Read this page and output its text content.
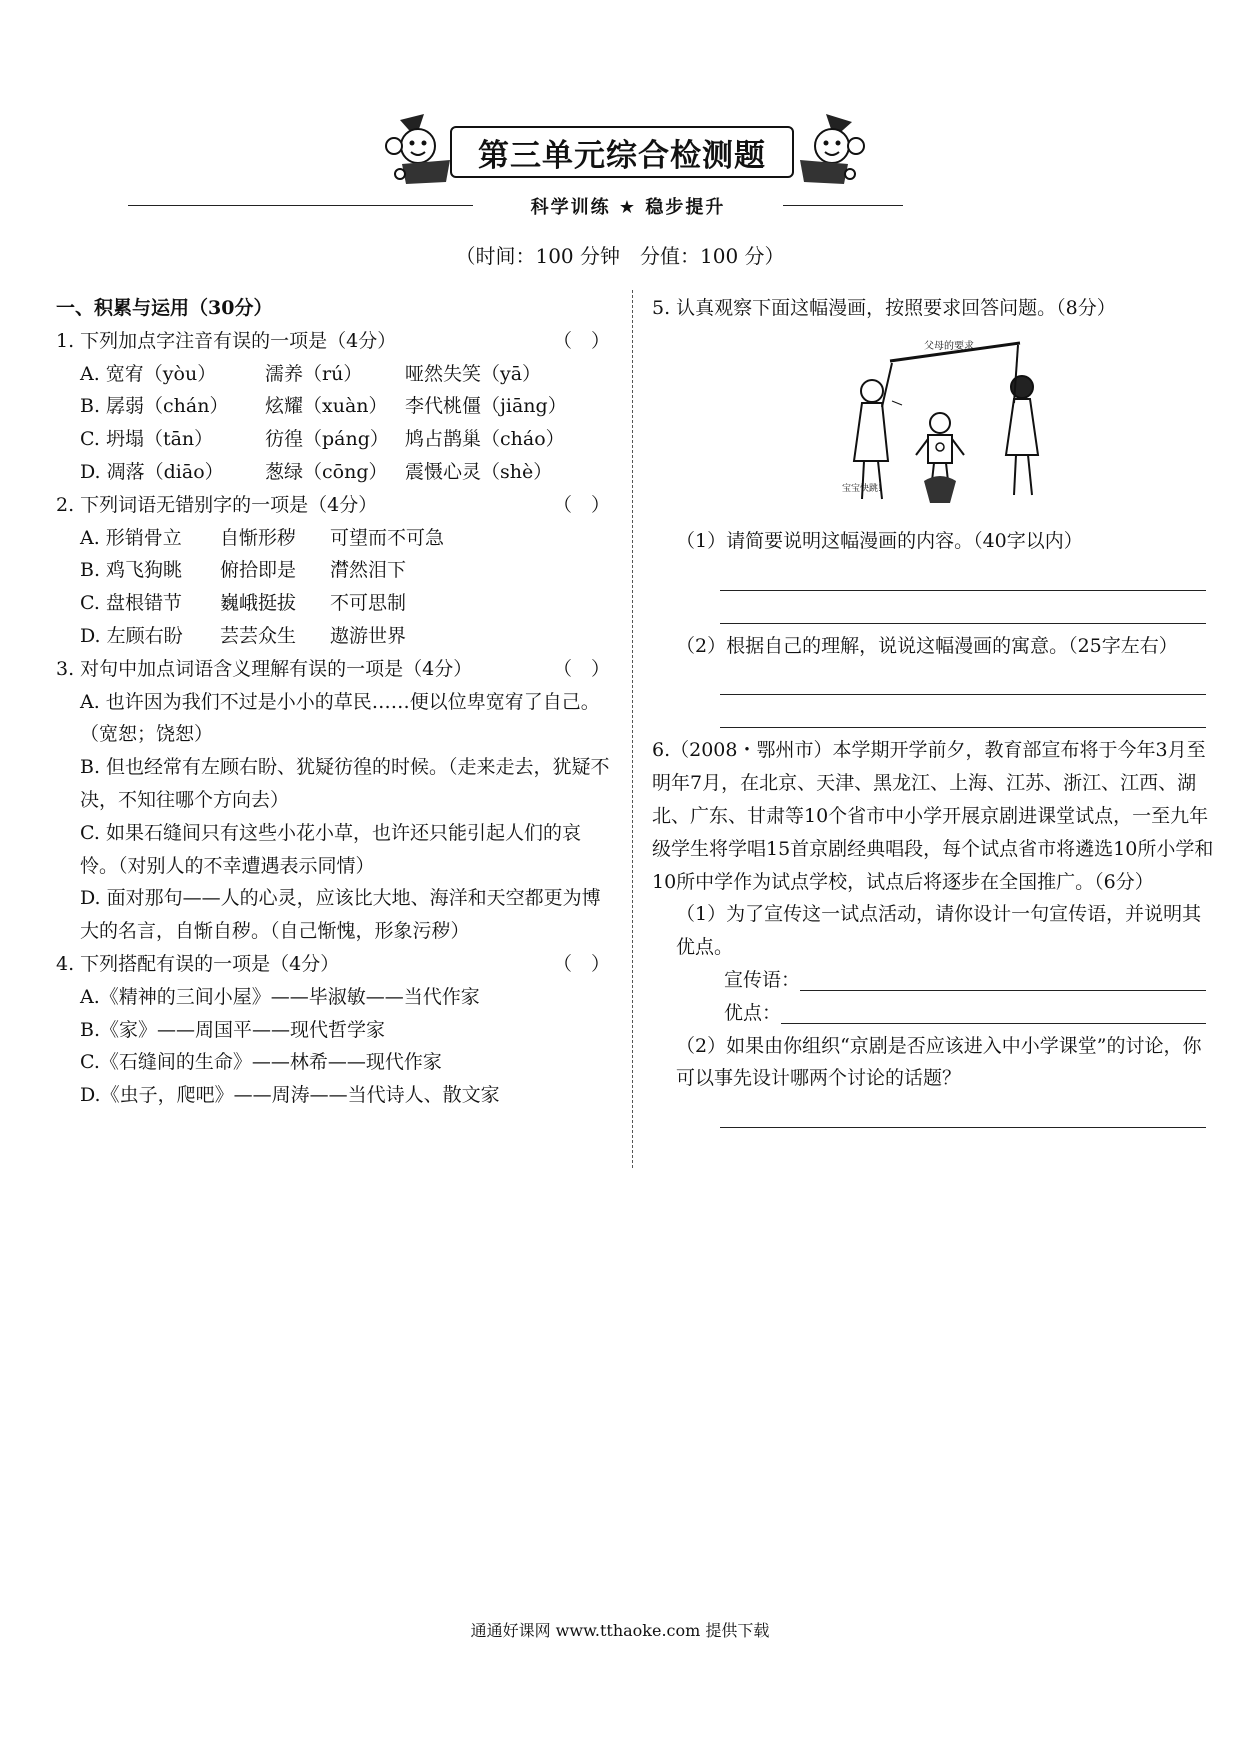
第三单元综合检测题
科学训练 ★ 稳步提升
（时间：100 分钟　分值：100 分）
一、积累与运用（30分）
1. 下列加点字注音有误的一项是（4分）	（　）
A. 宽宥（yòu）	濡养（rú） 哑然失笑（yā）
B. 孱弱（chán） 炫耀（xuàn） 李代桃僵（jiāng）
C. 坍塌（tān）	彷徨（páng） 鸠占鹊巢（cháo）
D. 凋落（diāo） 葱绿（cōng） 震慑心灵（shè）
2. 下列词语无错别字的一项是（4分）	（　）
A. 形销骨立 自惭形秽 可望而不可急
B. 鸡飞狗眺 俯拾即是 潸然泪下
C. 盘根错节 巍峨挺拔 不可思制
D. 左顾右盼 芸芸众生 遨游世界
3. 对句中加点词语含义理解有误的一项是（4分）	（　）
A. 也许因为我们不过是小小的草民……便以位卑宽宥了自己。（宽恕；饶恕）
B. 但也经常有左顾右盼、犹疑彷徨的时候。（走来走去，犹疑不决，不知往哪个方向去）
C. 如果石缝间只有这些小花小草，也许还只能引起人们的哀怜。（对别人的不幸遭遇表示同情）
D. 面对那句——人的心灵，应该比大地、海洋和天空都更为博大的名言，自惭自秽。（自己惭愧，形象污秽）
4. 下列搭配有误的一项是（4分）	（　）
A.《精神的三间小屋》——毕淑敏——当代作家
B.《家》——周国平——现代哲学家
C.《石缝间的生命》——林希——现代作家
D.《虫子，爬吧》——周涛——当代诗人、散文家
5. 认真观察下面这幅漫画，按照要求回答问题。（8分）
父母的要求
宝宝快跳!
（1）请简要说明这幅漫画的内容。（40字以内）
（2）根据自己的理解，说说这幅漫画的寓意。（25字左右）
6.（2008・鄂州市）本学期开学前夕，教育部宣布将于今年3月至明年7月，在北京、天津、黑龙江、上海、江苏、浙江、江西、湖北、广东、甘肃等10个省市中小学开展京剧进课堂试点，一至九年级学生将学唱15首京剧经典唱段，每个试点省市将遴选10所小学和10所中学作为试点学校，试点后将逐步在全国推广。（6分）
（1）为了宣传这一试点活动，请你设计一句宣传语，并说明其优点。
宣传语：
优点：
（2）如果由你组织“京剧是否应该进入中小学课堂”的讨论，你可以事先设计哪两个讨论的话题？
通通好课网 www.tthaoke.com 提供下载
